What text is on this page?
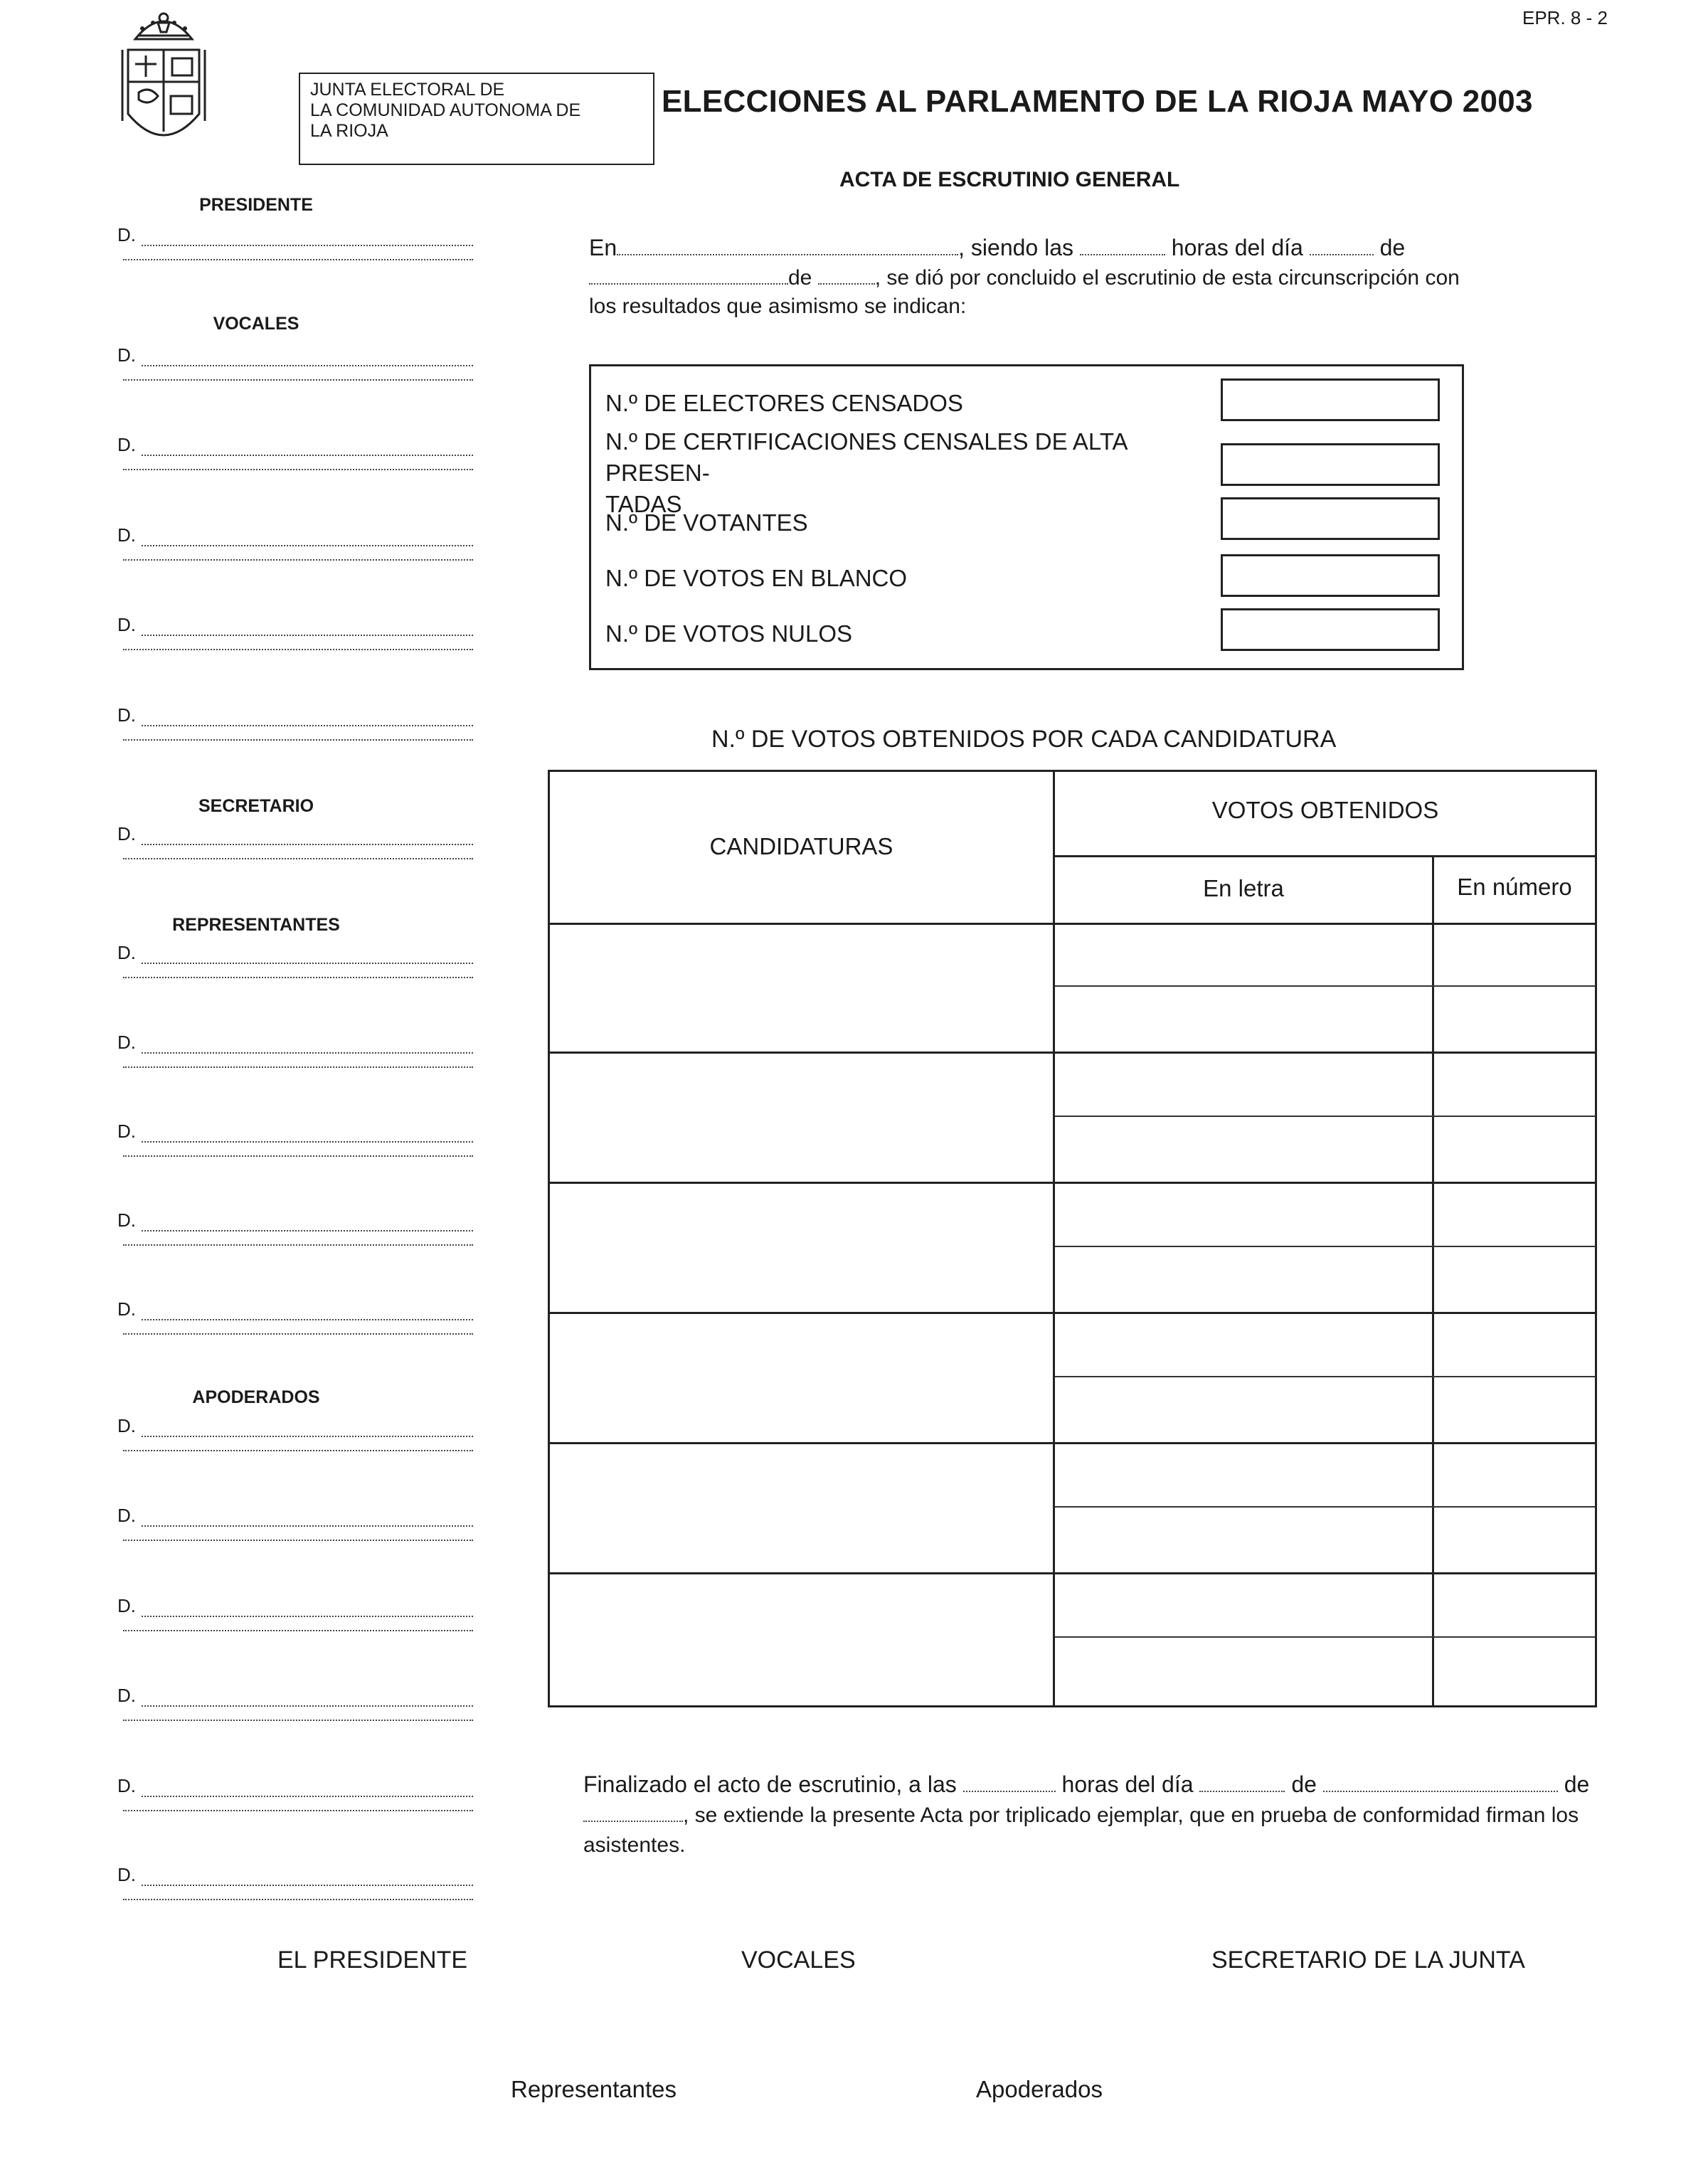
EPR. 8 - 2
JUNTA ELECTORAL DE
LA COMUNIDAD AUTONOMA DE
LA RIOJA
ELECCIONES AL PARLAMENTO DE LA RIOJA MAYO 2003
ACTA DE ESCRUTINIO GENERAL
PRESIDENTE
D.
VOCALES
D.
D.
D.
D.
D.
SECRETARIO
D.
REPRESENTANTES
D.
D.
D.
D.
D.
APODERADOS
D.
D.
D.
D.
D.
D.
En	, siendo las	horas del día	de
de	, se dió por concluido el escrutinio de esta circunscripción con
los resultados que asimismo se indican:
N.º DE ELECTORES CENSADOS
N.º DE CERTIFICACIONES CENSALES DE ALTA PRESEN-
TADAS
N.º DE VOTANTES
N.º DE VOTOS EN BLANCO
N.º DE VOTOS NULOS
N.º DE VOTOS OBTENIDOS POR CADA CANDIDATURA
CANDIDATURAS
VOTOS OBTENIDOS
En letra	En número
Finalizado el acto de escrutinio, a las	horas del día	de	de
, se extiende la presente Acta por triplicado ejemplar, que en prueba de conformidad firman los
asistentes.
EL PRESIDENTE	VOCALES	SECRETARIO DE LA JUNTA
Representantes	Apoderados
